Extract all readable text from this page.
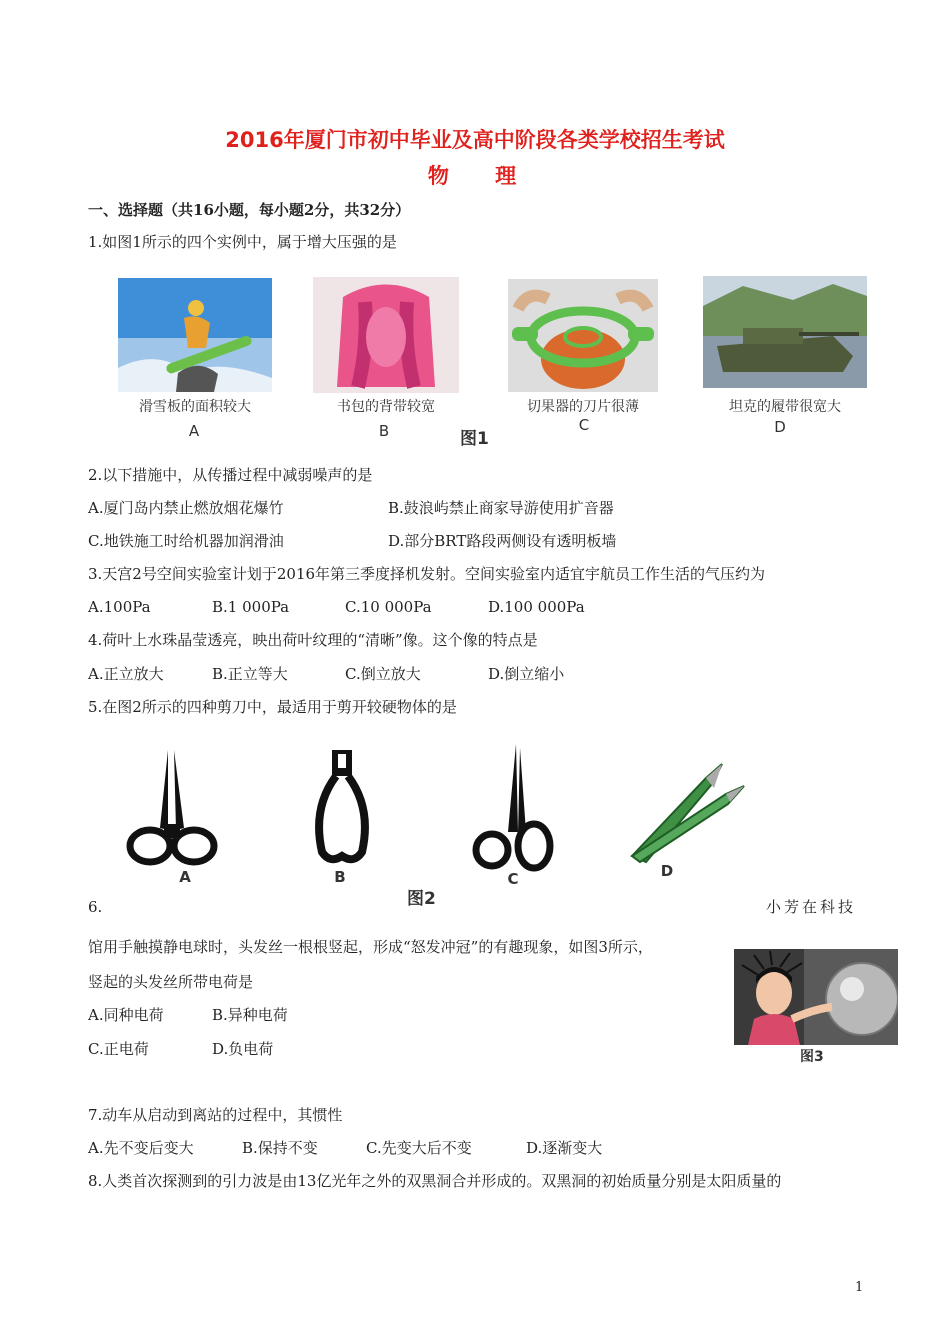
2016年厦门市初中毕业及高中阶段各类学校招生考试
物　 理
一、选择题（共16小题，每小题2分，共32分）
1.如图1所示的四个实例中，属于增大压强的是
滑雪板的面积较大	书包的背带较宽	切果器的刀片很薄	坦克的履带很宽大
A	B	图1
C	D
2.以下措施中，从传播过程中减弱噪声的是
A.厦门岛内禁止燃放烟花爆竹	B.鼓浪屿禁止商家导游使用扩音器
C.地铁施工时给机器加润滑油	D.部分BRT路段两侧设有透明板墙
3.天宫2号空间实验室计划于2016年第三季度择机发射。空间实验室内适宜宇航员工作生活的气压约为
A.100Pa	B.1 000Pa	C.10 000Pa	D.100 000Pa
4.荷叶上水珠晶莹透亮，映出荷叶纹理的“清晰”像。这个像的特点是
A.正立放大	B.正立等大	C.倒立放大	D.倒立缩小
5.在图2所示的四种剪刀中，最适用于剪开较硬物体的是
A	B
图2
C	D
6.	小芳在科技
馆用手触摸静电球时，头发丝一根根竖起，形成“怒发冲冠”的有趣现象，如图3所示，
竖起的头发丝所带电荷是
A.同种电荷	B.异种电荷
C.正电荷	D.负电荷	图3
7.动车从启动到离站的过程中，其惯性
A.先不变后变大	B.保持不变	C.先变大后不变	D.逐渐变大
8.人类首次探测到的引力波是由13亿光年之外的双黑洞合并形成的。双黑洞的初始质量分别是太阳质量的
1
